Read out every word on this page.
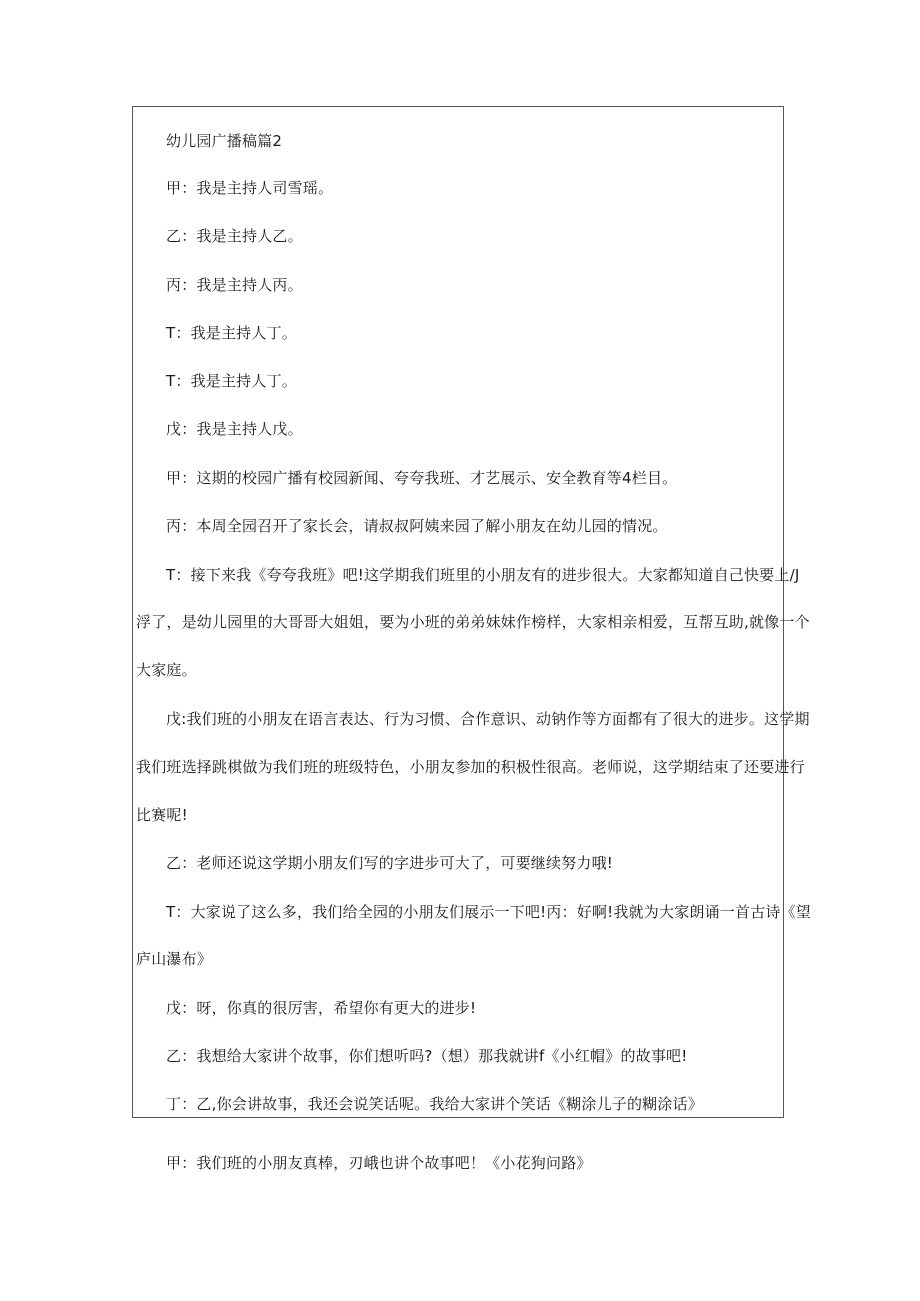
幼儿园广播稿篇2
甲：我是主持人司雪瑶。
乙：我是主持人乙。
丙：我是主持人丙。
T：我是主持人丁。
T：我是主持人丁。
戊：我是主持人戊。
甲：这期的校园广播有校园新闻、夸夸我班、才艺展示、安全教育等4栏目。
丙：本周全园召开了家长会，请叔叔阿姨来园了解小朋友在幼儿园的情况。
T：接下来我《夸夸我班》吧!这学期我们班里的小朋友有的进步很大。大家都知道自己快要上/J
浮了，是幼儿园里的大哥哥大姐姐，要为小班的弟弟妹妹作榜样，大家相亲相爱，互帮互助,就像一个
大家庭。
戊:我们班的小朋友在语言表达、行为习惯、合作意识、动钠作等方面都有了很大的进步。这学期
我们班选择跳棋做为我们班的班级特色，小朋友参加的积极性很高。老师说，这学期结束了还要进行
比赛呢!
乙：老师还说这学期小朋友们写的字进步可大了，可要继续努力哦!
T：大家说了这么多，我们给全园的小朋友们展示一下吧!丙：好啊!我就为大家朗诵一首古诗《望
庐山瀑布》
戊：呀，你真的很厉害，希望你有更大的进步!
乙：我想给大家讲个故事，你们想听吗?（想）那我就讲f《小红帽》的故事吧!
丁：乙,你会讲故事，我还会说笑话呢。我给大家讲个笑话《糊涂儿子的糊涂话》
甲：我们班的小朋友真棒，刃峨也讲个故事吧！《小花狗问路》
